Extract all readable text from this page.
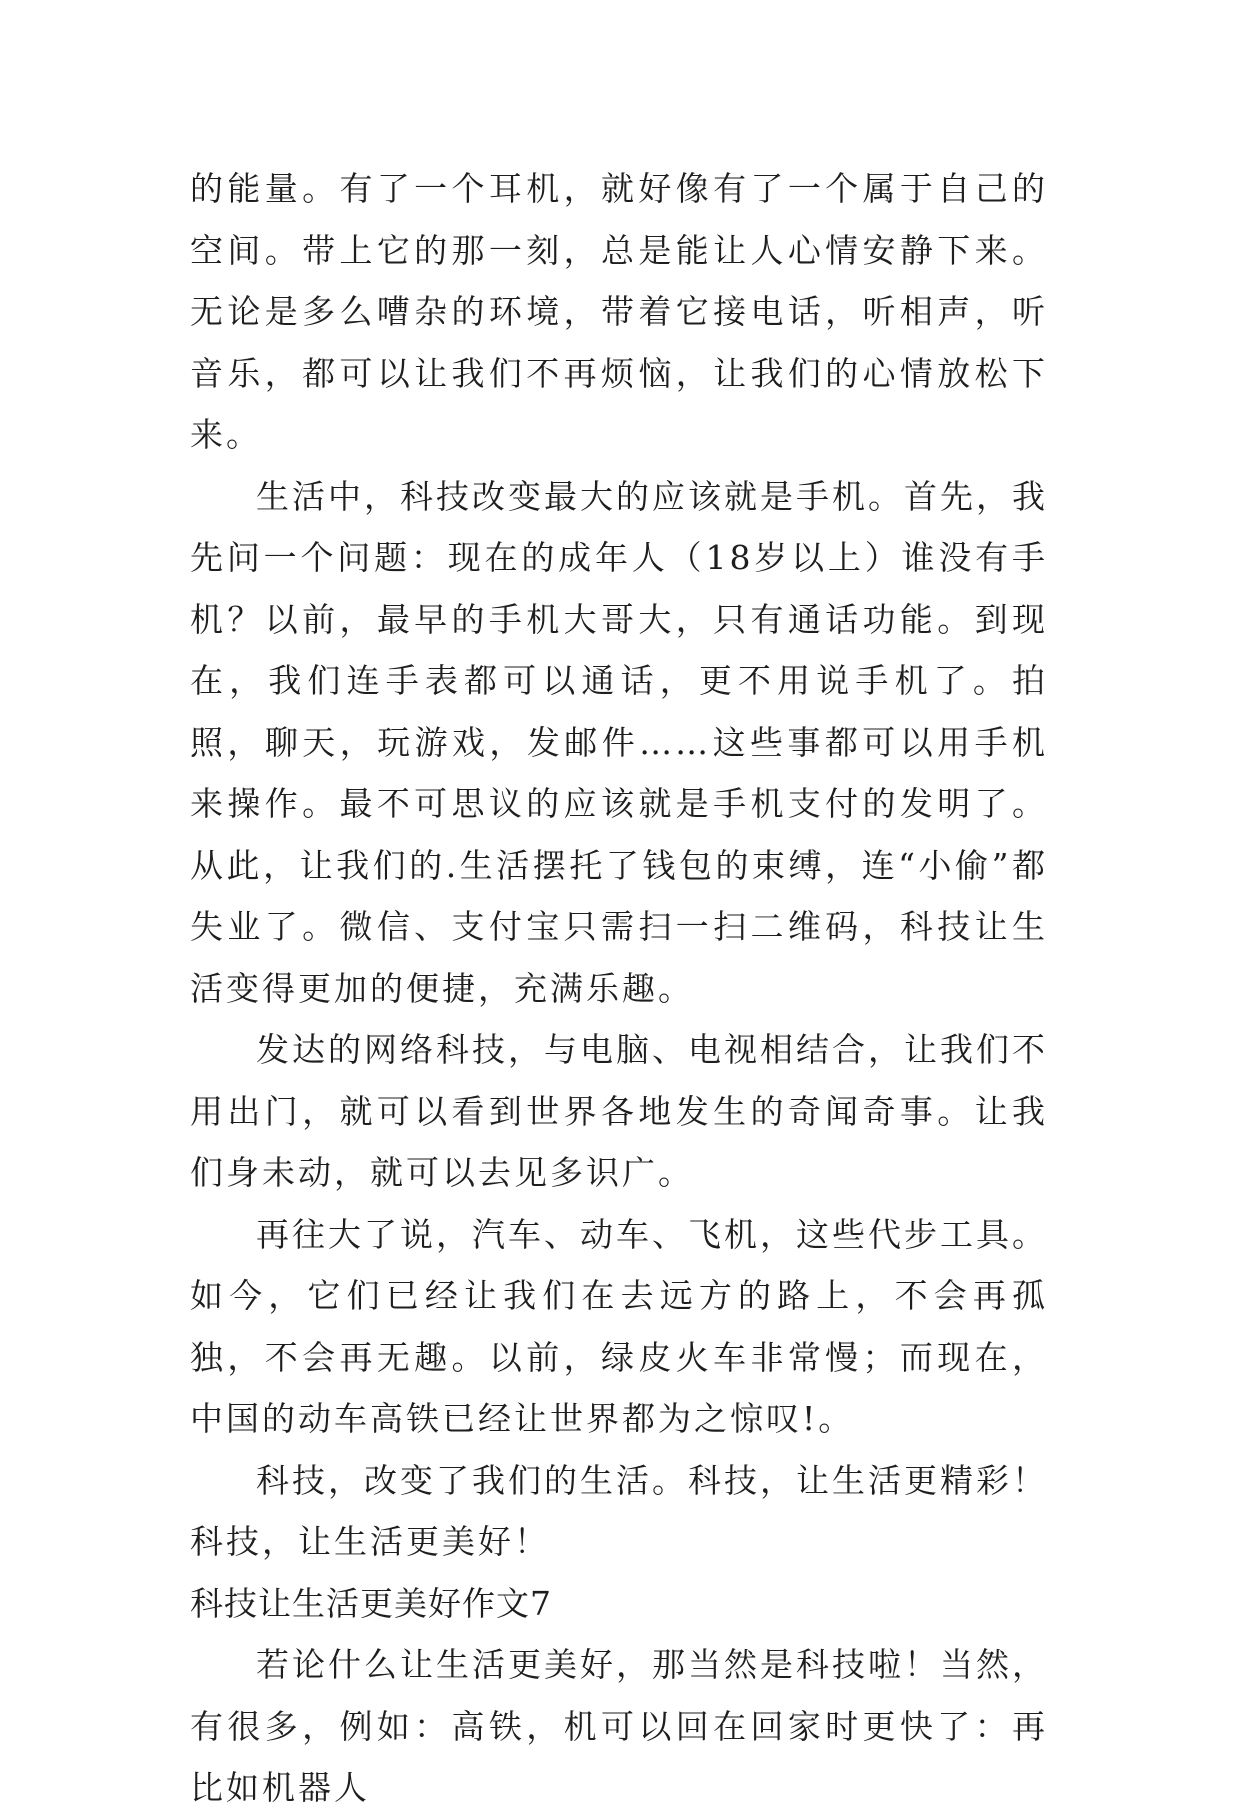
的能量。有了一个耳机，就好像有了一个属于自己的空间。带上它的那一刻，总是能让人心情安静下来。无论是多么嘈杂的环境，带着它接电话，听相声，听音乐，都可以让我们不再烦恼，让我们的心情放松下来。

生活中，科技改变最大的应该就是手机。首先，我先问一个问题：现在的成年人（18岁以上）谁没有手机？以前，最早的手机大哥大，只有通话功能。到现在，我们连手表都可以通话，更不用说手机了。拍照，聊天，玩游戏，发邮件……这些事都可以用手机来操作。最不可思议的应该就是手机支付的发明了。从此，让我们的.生活摆托了钱包的束缚，连“小偷”都失业了。微信、支付宝只需扫一扫二维码，科技让生活变得更加的便捷，充满乐趣。

发达的网络科技，与电脑、电视相结合，让我们不用出门，就可以看到世界各地发生的奇闻奇事。让我们身未动，就可以去见多识广。

再往大了说，汽车、动车、飞机，这些代步工具。如今，它们已经让我们在去远方的路上，不会再孤独，不会再无趣。以前，绿皮火车非常慢；而现在，中国的动车高铁已经让世界都为之惊叹!。

科技，改变了我们的生活。科技，让生活更精彩！科技，让生活更美好！

科技让生活更美好作文7

若论什么让生活更美好，那当然是科技啦！当然，有很多，例如：高铁，机可以回在回家时更快了：再比如机器人
